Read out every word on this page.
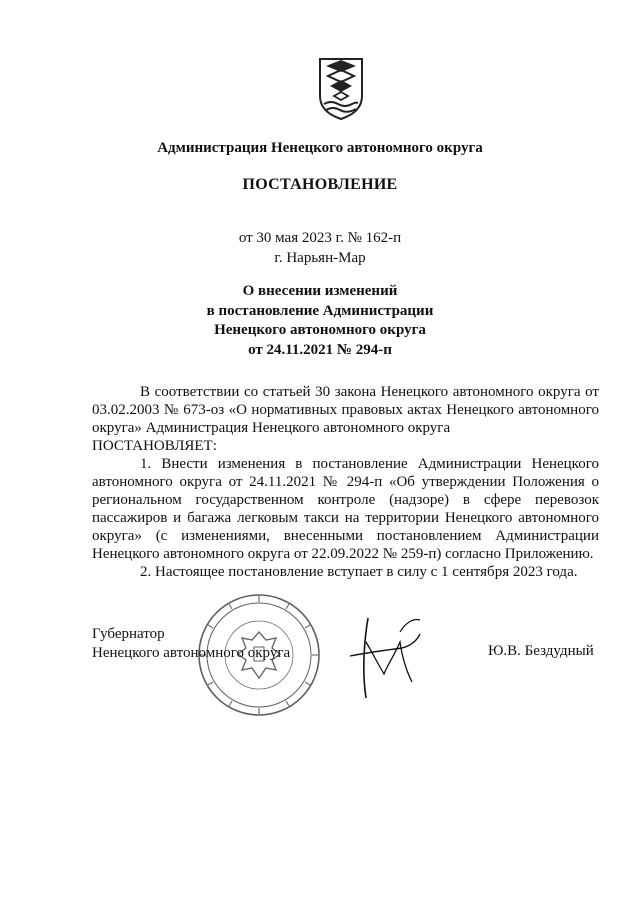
Администрация Ненецкого автономного округа
ПОСТАНОВЛЕНИЕ
от 30 мая 2023 г. № 162-п
г. Нарьян-Мар
О внесении изменений
в постановление Администрации
Ненецкого автономного округа
от 24.11.2021 № 294-п

В соответствии со статьей 30 закона Ненецкого автономного округа от 03.02.2003 № 673-оз «О нормативных правовых актах Ненецкого автономного округа» Администрация Ненецкого автономного округа

ПОСТАНОВЛЯЕТ:

1. Внести изменения в постановление Администрации Ненецкого автономного округа от 24.11.2021 № 294-п «Об утверждении Положения о региональном государственном контроле (надзоре) в сфере перевозок пассажиров и багажа легковым такси на территории Ненецкого автономного округа» (с изменениями, внесенными постановлением Администрации Ненецкого автономного округа от 22.09.2022 № 259-п) согласно Приложению.

2. Настоящее постановление вступает в силу с 1 сентября 2023 года.

Губернатор
Ненецкого автономного округа	Ю.В. Бездудный
